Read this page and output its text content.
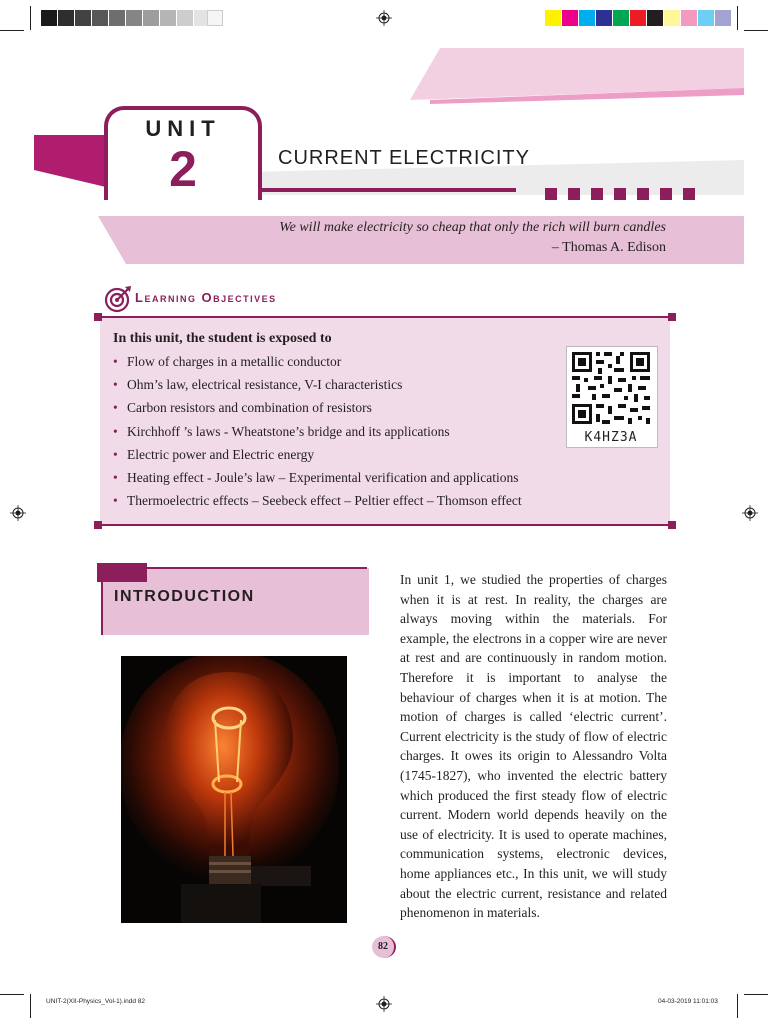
UNIT
2	CURRENT ELECTRICITY
We will make electricity so cheap that only the rich will burn candles
– Thomas A. Edison
Learning Objectives
In this unit, the student is exposed to
• Flow of charges in a metallic conductor
• Ohm’s law, electrical resistance, V-I characteristics
• Carbon resistors and combination of resistors
• Kirchhoff ’s laws - Wheatstone’s bridge and its applications
• Electric power and Electric energy
• Heating effect - Joule’s law – Experimental verification and applications
• Thermoelectric effects – Seebeck effect – Peltier effect – Thomson effect
K4HZ3A
INTRODUCTION
In unit 1, we studied the properties of charges when it is at rest. In reality, the charges are always moving within the materials. For example, the electrons in a copper wire are never at rest and are continuously in random motion. Therefore it is important to analyse the behaviour of charges when it is at motion. The motion of charges is called ‘electric current’. Current electricity is the study of flow of electric charges. It owes its origin to Alessandro Volta (1745-1827), who invented the electric battery which produced the first steady flow of electric current. Modern world depends heavily on the use of electricity. It is used to operate machines, communication systems, electronic devices, home appliances etc., In this unit, we will study about the electric current, resistance and related phenomenon in materials.
82
UNIT-2(XII-Physics_Vol-1).indd 82	04-03-2019 11:01:03
